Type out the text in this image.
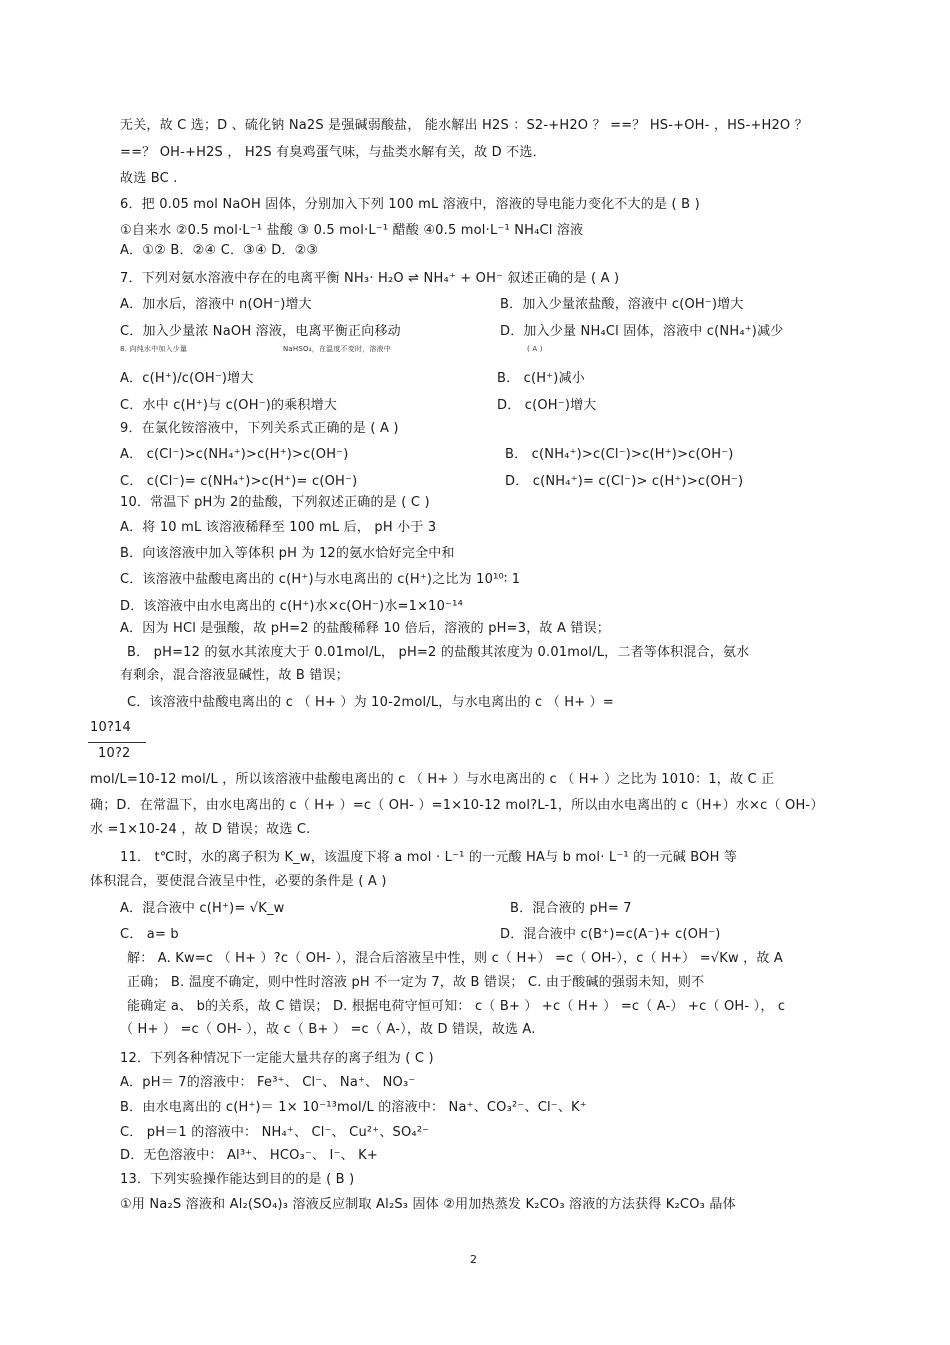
无关，故 C 选；D 、硫化钠 Na2S 是强碱弱酸盐， 能水解出 H2S ：S2-+H2O ？ ==？ HS-+OH- ，HS-+H2O ？
==？ OH-+H2S ， H2S 有臭鸡蛋气味，与盐类水解有关，故 D 不选．
故选 BC .
6．把 0.05 mol NaOH 固体，分别加入下列 100 mL 溶液中，溶液的导电能力变化不大的是 ( B )
①自来水 ②0.5 mol·L⁻¹ 盐酸 ③ 0.5 mol·L⁻¹ 醋酸 ④0.5 mol·L⁻¹ NH₄Cl 溶液
A．①② B．②④ C．③④ D．②③
7．下列对氨水溶液中存在的电离平衡 NH₃· H₂O ⇌ NH₄⁺ + OH⁻ 叙述正确的是 ( A )
A．加水后，溶液中 n(OH⁻)增大	B．加入少量浓盐酸，溶液中 c(OH⁻)增大
C．加入少量浓 NaOH 溶液，电离平衡正向移动	D．加入少量 NH₄Cl 固体，溶液中 c(NH₄⁺)减少
8. 向纯水中加入少量	NaHSO₄，在温度不变时，溶液中	( A )
A．c(H⁺)/c(OH⁻)增大	B． c(H⁺)减小
C．水中 c(H⁺)与 c(OH⁻)的乘积增大	D． c(OH⁻)增大
9．在氯化铵溶液中，下列关系式正确的是 ( A )
A． c(Cl⁻)>c(NH₄⁺)>c(H⁺)>c(OH⁻)	B． c(NH₄⁺)>c(Cl⁻)>c(H⁺)>c(OH⁻)
C． c(Cl⁻)= c(NH₄⁺)>c(H⁺)= c(OH⁻)	D． c(NH₄⁺)= c(Cl⁻)> c(H⁺)>c(OH⁻)
10．常温下 pH为 2的盐酸，下列叙述正确的是 ( C )
A．将 10 mL 该溶液稀释至 100 mL 后， pH 小于 3
B．向该溶液中加入等体积 pH 为 12的氨水恰好完全中和
C．该溶液中盐酸电离出的 c(H⁺)与水电离出的 c(H⁺)之比为 10¹⁰∶ 1
D．该溶液中由水电离出的 c(H⁺)水×c(OH⁻)水=1×10⁻¹⁴
A．因为 HCl 是强酸，故 pH=2 的盐酸稀释 10 倍后，溶液的 pH=3，故 A 错误；
B． pH=12 的氨水其浓度大于 0.01mol/L， pH=2 的盐酸其浓度为 0.01mol/L，二者等体积混合，氨水
有剩余，混合溶液显碱性，故 B 错误；
C．该溶液中盐酸电离出的 c （ H+ ）为 10-2mol/L，与水电离出的 c （ H+ ）=
10?14
10?2
mol/L=10-12 mol/L ，所以该溶液中盐酸电离出的 c （ H+ ）与水电离出的 c （ H+ ）之比为 1010：1，故 C 正
确；D．在常温下，由水电离出的 c（ H+ ）=c（ OH- ）=1×10-12 mol?L-1，所以由水电离出的 c（H+）水×c（ OH-）
水 =1×10-24 ，故 D 错误；故选 C.
11． t℃时，水的离子积为 K_w，该温度下将 a mol · L⁻¹ 的一元酸 HA与 b mol· L⁻¹ 的一元碱 BOH 等
体积混合，要使混合液呈中性，必要的条件是 ( A )
A．混合液中 c(H⁺)= √K_w	B．混合液的 pH= 7
C． a= b	D．混合液中 c(B⁺)=c(A⁻)+ c(OH⁻)
解： A. Kw=c （ H+ ）?c（ OH- ），混合后溶液呈中性，则 c（ H+） =c（ OH-），c（ H+） =√Kw ，故 A
正确； B. 温度不确定，则中性时溶液 pH 不一定为 7，故 B 错误； C. 由于酸碱的强弱未知，则不
能确定 a、 b的关系，故 C 错误； D. 根据电荷守恒可知： c（ B+ ） +c（ H+ ） =c（ A-） +c（ OH- ）， c
（ H+ ） =c（ OH- ），故 c（ B+ ） =c（ A-），故 D 错误，故选 A.
12．下列各种情况下一定能大量共存的离子组为 ( C )
A．pH＝ 7的溶液中： Fe³⁺、 Cl⁻、 Na⁺、 NO₃⁻
B．由水电离出的 c(H⁺)＝ 1× 10⁻¹³mol/L 的溶液中： Na⁺、CO₃²⁻、Cl⁻、K⁺
C． pH＝1 的溶液中： NH₄⁺、 Cl⁻、 Cu²⁺、SO₄²⁻
D．无色溶液中： Al³⁺、 HCO₃⁻、 I⁻、 K+
13．下列实验操作能达到目的的是 ( B )
①用 Na₂S 溶液和 Al₂(SO₄)₃ 溶液反应制取 Al₂S₃ 固体 ②用加热蒸发 K₂CO₃ 溶液的方法获得 K₂CO₃ 晶体
2
